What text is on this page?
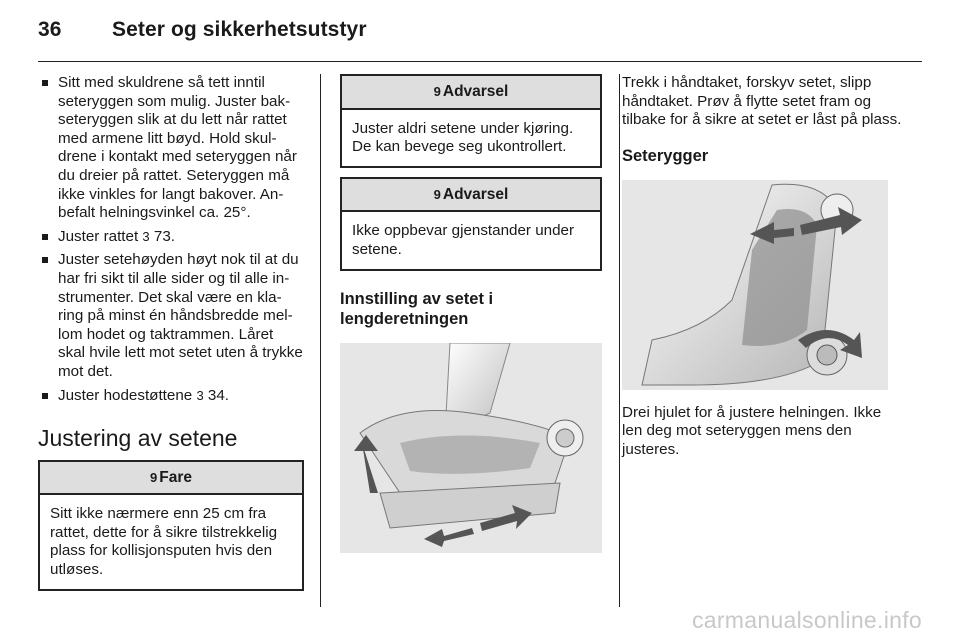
36 Seter og sikkerhetsutstyr
Sitt med skuldrene så tett inntil seteryggen som mulig. Juster bak-seteryggen slik at du lett når rattet med armene litt bøyd. Hold skul-drene i kontakt med seteryggen når du dreier på rattet. Seteryggen må ikke vinkles for langt bakover. An-befalt helningsvinkel ca. 25°.
Juster rattet 3 73.
Juster setehøyden høyt nok til at du har fri sikt til alle sider og til alle in-strumenter. Det skal være en kla-ring på minst én håndsbredde mel-lom hodet og taktrammen. Låret skal hvile lett mot setet uten å trykke mot det.
Juster hodestøttene 3 34.
Justering av setene
9 Fare
Sitt ikke nærmere enn 25 cm fra rattet, dette for å sikre tilstrekkelig plass for kollisjonsputen hvis den utløses.
9 Advarsel
Juster aldri setene under kjøring. De kan bevege seg ukontrollert.
9 Advarsel
Ikke oppbevar gjenstander under setene.
Innstilling av setet i lengderetningen

Trekk i håndtaket, forskyv setet, slipp håndtaket. Prøv å flytte setet fram og tilbake for å sikre at setet er låst på plass.

Seterygger

Drei hjulet for å justere helningen. Ikke len deg mot seteryggen mens den justeres.

carmanualsonline.info
